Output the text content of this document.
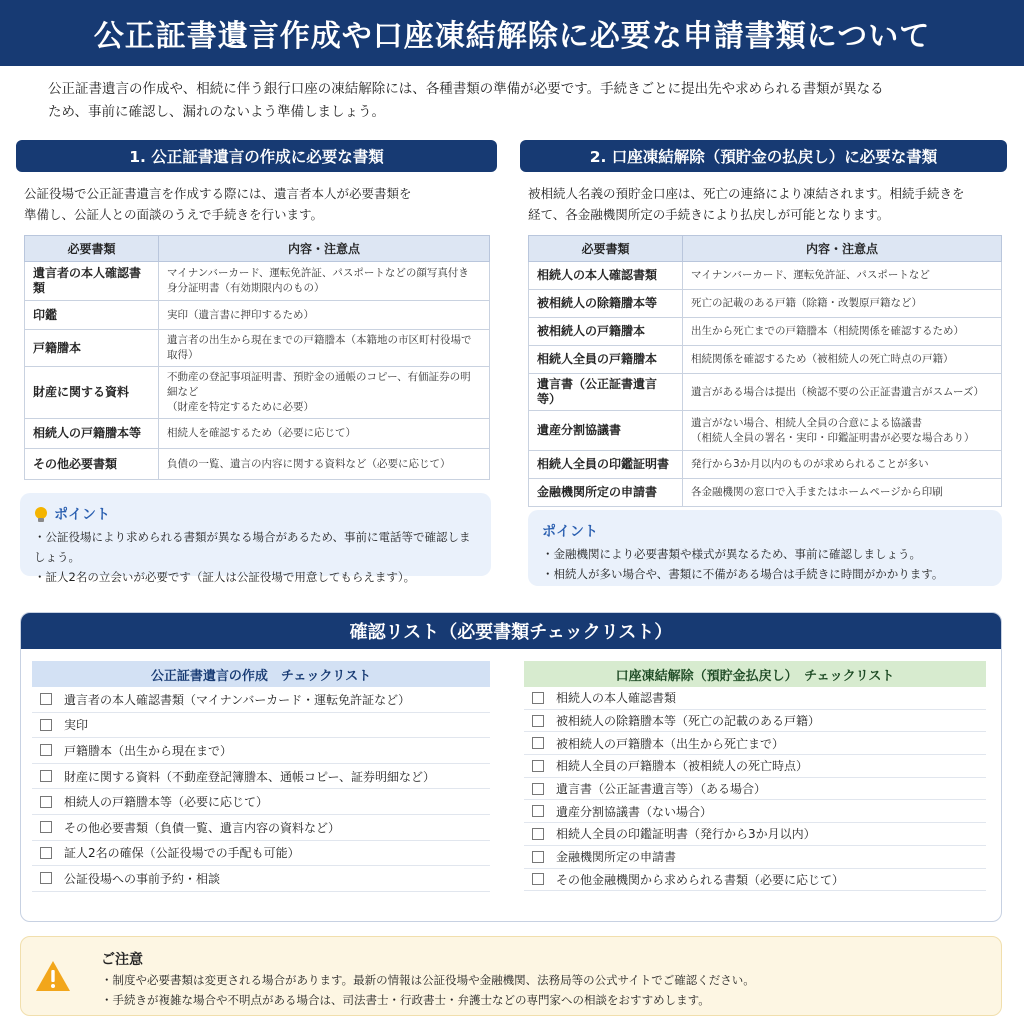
公正証書遺言作成や口座凍結解除に必要な申請書類について
公正証書遺言の作成や、相続に伴う銀行口座の凍結解除には、各種書類の準備が必要です。手続きごとに提出先や求められる書類が異なる
ため、事前に確認し、漏れのないよう準備しましょう。
1. 公正証書遺言の作成に必要な書類
公証役場で公正証書遺言を作成する際には、遺言者本人が必要書類を
準備し、公証人との面談のうえで手続きを行います。
必要書類	内容・注意点
遺言者の本人確認書類	マイナンバーカード、運転免許証、パスポートなどの顔写真付き
身分証明書（有効期限内のもの）

印鑑	実印（遺言書に押印するため）

戸籍謄本	遺言者の出生から現在までの戸籍謄本（本籍地の市区町村役場で取得）

財産に関する資料	不動産の登記事項証明書、預貯金の通帳のコピー、有価証券の明細など
（財産を特定するために必要）

相続人の戸籍謄本等	相続人を確認するため（必要に応じて）

その他必要書類	負債の一覧、遺言の内容に関する資料など（必要に応じて）
ポイント
・公証役場により求められる書類が異なる場合があるため、事前に電話等で確認しましょう。
・証人2名の立会いが必要です（証人は公証役場で用意してもらえます）。
2. 口座凍結解除（預貯金の払戻し）に必要な書類
被相続人名義の預貯金口座は、死亡の連絡により凍結されます。相続手続きを
経て、各金融機関所定の手続きにより払戻しが可能となります。
必要書類	内容・注意点
相続人の本人確認書類	マイナンバーカード、運転免許証、パスポートなど

被相続人の除籍謄本等	死亡の記載のある戸籍（除籍・改製原戸籍など）

被相続人の戸籍謄本	出生から死亡までの戸籍謄本（相続関係を確認するため）

相続人全員の戸籍謄本	相続関係を確認するため（被相続人の死亡時点の戸籍）

遺言書（公正証書遺言等）	遺言がある場合は提出（検認不要の公正証書遺言がスムーズ）

遺産分割協議書	遺言がない場合、相続人全員の合意による協議書
（相続人全員の署名・実印・印鑑証明書が必要な場合あり）

相続人全員の印鑑証明書	発行から3か月以内のものが求められることが多い

金融機関所定の申請書	各金融機関の窓口で入手またはホームページから印刷
ポイント
・金融機関により必要書類や様式が異なるため、事前に確認しましょう。
・相続人が多い場合や、書類に不備がある場合は手続きに時間がかかります。
確認リスト（必要書類チェックリスト）
公正証書遺言の作成　チェックリスト
遺言者の本人確認書類（マイナンバーカード・運転免許証など）
実印
戸籍謄本（出生から現在まで）
財産に関する資料（不動産登記簿謄本、通帳コピー、証券明細など）
相続人の戸籍謄本等（必要に応じて）
その他必要書類（負債一覧、遺言内容の資料など）
証人2名の確保（公証役場での手配も可能）
公証役場への事前予約・相談
口座凍結解除（預貯金払戻し）　チェックリスト
相続人の本人確認書類
被相続人の除籍謄本等（死亡の記載のある戸籍）
被相続人の戸籍謄本（出生から死亡まで）
相続人全員の戸籍謄本（被相続人の死亡時点）
遺言書（公正証書遺言等）（ある場合）
遺産分割協議書（ない場合）
相続人全員の印鑑証明書（発行から3か月以内）
金融機関所定の申請書
その他金融機関から求められる書類（必要に応じて）
ご注意
・制度や必要書類は変更される場合があります。最新の情報は公証役場や金融機関、法務局等の公式サイトでご確認ください。
・手続きが複雑な場合や不明点がある場合は、司法書士・行政書士・弁護士などの専門家への相談をおすすめします。
